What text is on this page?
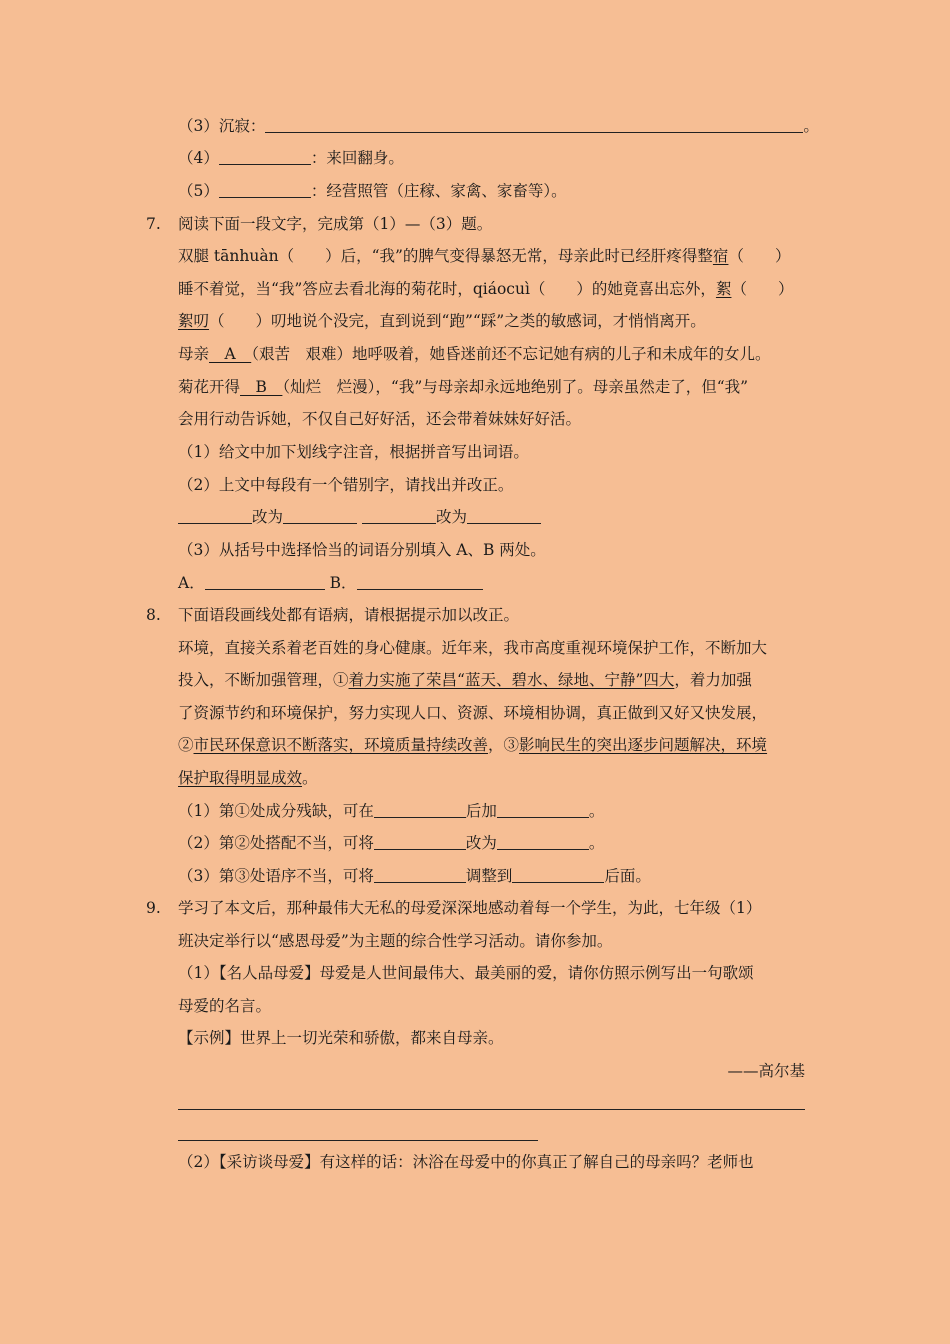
（3）沉寂：	。
（4）	：来回翻身。
（5）	：经营照管（庄稼、家禽、家畜等）。
7. 阅读下面一段文字，完成第（1）—（3）题。
双腿 tānhuàn（　　）后，“我”的脾气变得暴怒无常，母亲此时已经肝疼得整宿（　　）
睡不着觉，当“我”答应去看北海的菊花时，qiáocuì（　　）的她竟喜出忘外，絮（　　）
絮叨（　　）叨地说个没完，直到说到“跑”“踩”之类的敏感词，才悄悄离开。
母亲　A　（艰苦　艰难）地呼吸着，她昏迷前还不忘记她有病的儿子和未成年的女儿。
菊花开得　B　（灿烂　烂漫），“我”与母亲却永远地绝别了。母亲虽然走了，但“我”
会用行动告诉她，不仅自己好好活，还会带着妹妹好好活。
（1）给文中加下划线字注音，根据拼音写出词语。
（2）上文中每段有一个错别字，请找出并改正。
改为	改为
（3）从括号中选择恰当的词语分别填入 A、B 两处。
A．	B．
8. 下面语段画线处都有语病，请根据提示加以改正。
环境，直接关系着老百姓的身心健康。近年来，我市高度重视环境保护工作，不断加大
投入，不断加强管理，①着力实施了荣昌“蓝天、碧水、绿地、宁静”四大，着力加强
了资源节约和环境保护，努力实现人口、资源、环境相协调，真正做到又好又快发展，
②市民环保意识不断落实，环境质量持续改善，③影响民生的突出逐步问题解决，环境
保护取得明显成效。
（1）第①处成分残缺，可在	后加	。
（2）第②处搭配不当，可将	改为	。
（3）第③处语序不当，可将	调整到	后面。
9. 学习了本文后，那种最伟大无私的母爱深深地感动着每一个学生，为此，七年级（1）
班决定举行以“感恩母爱”为主题的综合性学习活动。请你参加。
（1）【名人品母爱】母爱是人世间最伟大、最美丽的爱，请你仿照示例写出一句歌颂
母爱的名言。
【示例】世界上一切光荣和骄傲，都来自母亲。
——高尔基
（2）【采访谈母爱】有这样的话：沐浴在母爱中的你真正了解自己的母亲吗？老师也
